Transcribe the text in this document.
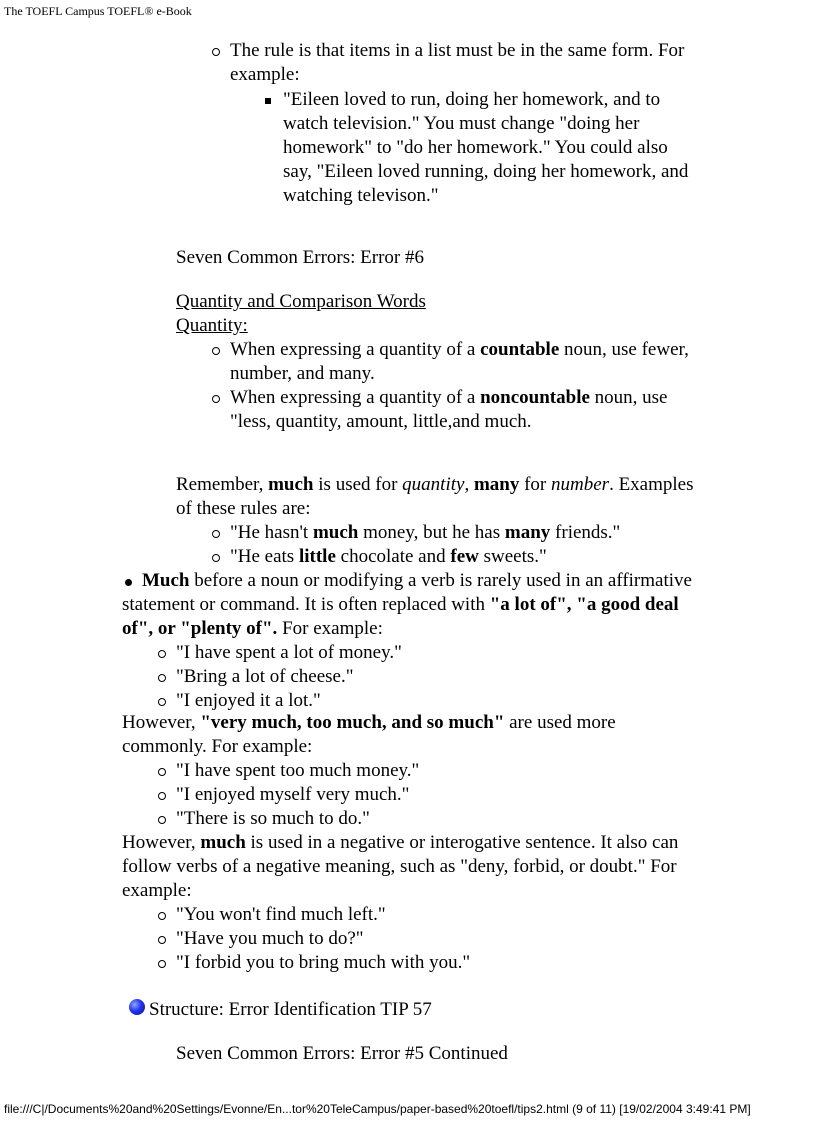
The TOEFL Campus TOEFL® e-Book
The rule is that items in a list must be in the same form. For example:
"Eileen loved to run, doing her homework, and to
watch television." You must change "doing her
homework" to "do her homework." You could also
say, "Eileen loved running, doing her homework, and
watching televison."
Seven Common Errors: Error #6
Quantity and Comparison Words
Quantity:
When expressing a quantity of a countable noun, use fewer,
number, and many.
When expressing a quantity of a noncountable noun, use
"less, quantity, amount, little,and much.
Remember, much is used for quantity, many for number. Examples
of these rules are:
"He hasn't much money, but he has many friends."
"He eats little chocolate and few sweets."
Much before a noun or modifying a verb is rarely used in an affirmative
statement or command. It is often replaced with "a lot of", "a good deal
of", or "plenty of". For example:
"I have spent a lot of money."
"Bring a lot of cheese."
"I enjoyed it a lot."
However, "very much, too much, and so much" are used more
commonly. For example:
"I have spent too much money."
"I enjoyed myself very much."
"There is so much to do."
However, much is used in a negative or interogative sentence. It also can
follow verbs of a negative meaning, such as "deny, forbid, or doubt." For
example:
"You won't find much left."
"Have you much to do?"
"I forbid you to bring much with you."
Structure: Error Identification TIP 57
Seven Common Errors: Error #5 Continued
file:///C|/Documents%20and%20Settings/Evonne/En...tor%20TeleCampus/paper-based%20toefl/tips2.html (9 of 11) [19/02/2004 3:49:41 PM]
